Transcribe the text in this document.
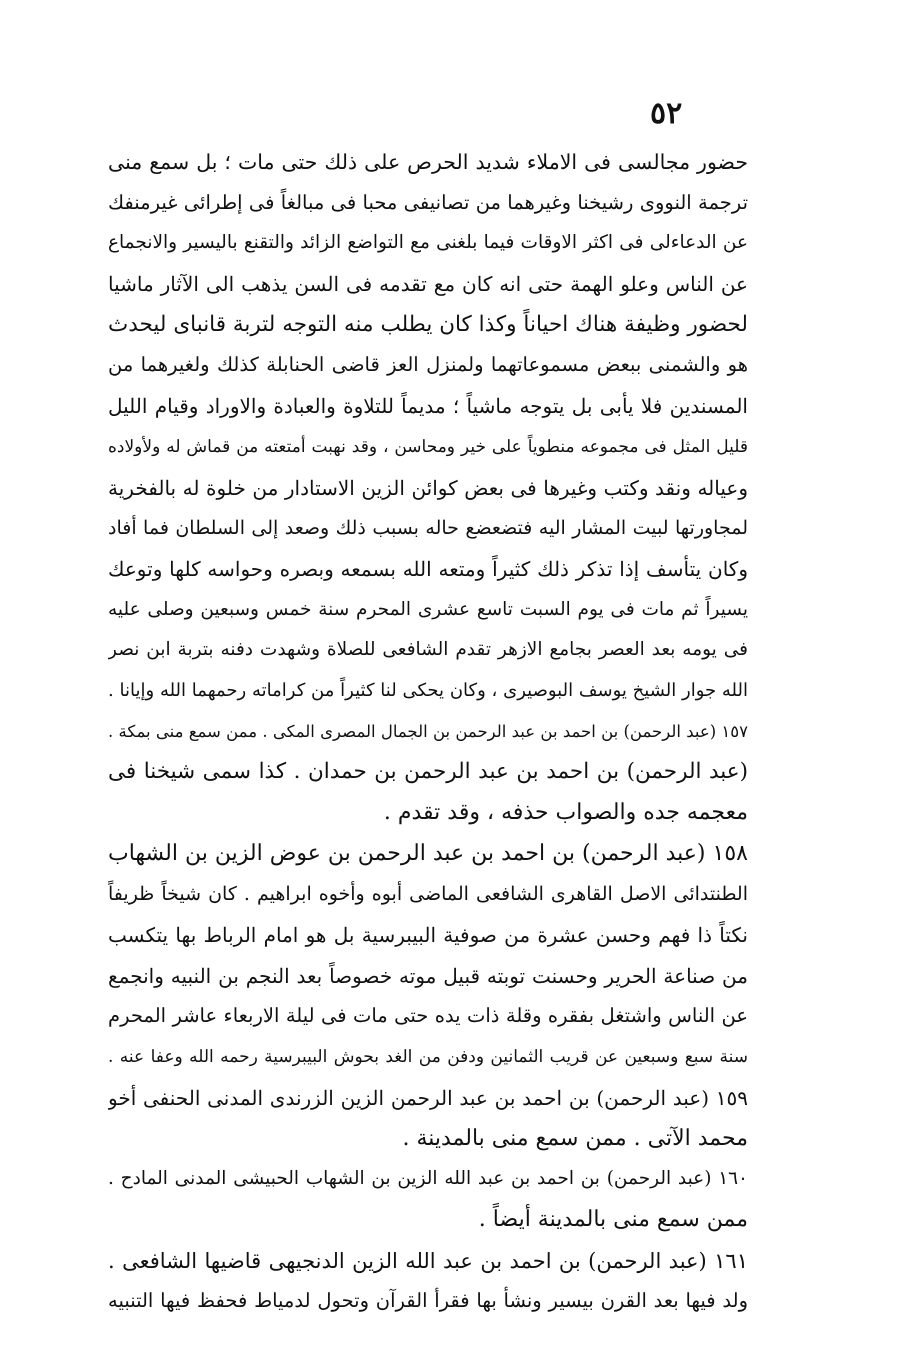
٥٢
حضور مجالسى فى الاملاء شديد الحرص على ذلك حتى مات ؛ بل سمع منى
ترجمة النووى رشيخنا وغيرهما من تصانيفى محبا فى مبالغاً فى إطرائى غيرمنفك
عن الدعاءلى فى اكثر الاوقات فيما بلغنى مع التواضع الزائد والتقنع باليسير والانجماع
عن الناس وعلو الهمة حتى انه كان مع تقدمه فى السن يذهب الى الآثار ماشيا
لحضور وظيفة هناك احياناً وكذا كان يطلب منه التوجه لتربة قانباى ليحدث
هو والشمنى ببعض مسموعاتهما ولمنزل العز قاضى الحنابلة كذلك ولغيرهما من
المسندين فلا يأبى بل يتوجه ماشياً ؛ مديماً للتلاوة والعبادة والاوراد وقيام الليل
قليل المثل فى مجموعه منطوياً على خير ومحاسن ، وقد نهبت أمتعته من قماش له ولأولاده
وعياله ونقد وكتب وغيرها فى بعض كوائن الزين الاستادار من خلوة له بالفخرية
لمجاورتها لبيت المشار اليه فتضعضع حاله بسبب ذلك وصعد إلى السلطان فما أفاد
وكان يتأسف إذا تذكر ذلك كثيراً ومتعه الله بسمعه وبصره وحواسه كلها وتوعك
يسيراً ثم مات فى يوم السبت تاسع عشرى المحرم سنة خمس وسبعين وصلى عليه
فى يومه بعد العصر بجامع الازهر تقدم الشافعى للصلاة وشهدت دفنه بتربة ابن نصر
الله جوار الشيخ يوسف البوصيرى ، وكان يحكى لنا كثيراً من كراماته رحمهما الله وإيانا .
١٥٧ (عبد الرحمن) بن احمد بن عبد الرحمن بن الجمال المصرى المكى . ممن سمع منى بمكة .
(عبد الرحمن) بن احمد بن عبد الرحمن بن حمدان . كذا سمى شيخنا فى
معجمه جده والصواب حذفه ، وقد تقدم .
١٥٨ (عبد الرحمن) بن احمد بن عبد الرحمن بن عوض الزين بن الشهاب
الطنتدائى الاصل القاهرى الشافعى الماضى أبوه وأخوه ابراهيم . كان شيخاً ظريفاً
نكتاً ذا فهم وحسن عشرة من صوفية البيبرسية بل هو امام الرباط بها يتكسب
من صناعة الحرير وحسنت توبته قبيل موته خصوصاً بعد النجم بن النبيه وانجمع
عن الناس واشتغل بفقره وقلة ذات يده حتى مات فى ليلة الاربعاء عاشر المحرم
سنة سبع وسبعين عن قريب الثمانين ودفن من الغد بحوش البيبرسية رحمه الله وعفا عنه .
١٥٩ (عبد الرحمن) بن احمد بن عبد الرحمن الزين الزرندى المدنى الحنفى أخو
محمد الآتى . ممن سمع منى بالمدينة .
١٦٠ (عبد الرحمن) بن احمد بن عبد الله الزين بن الشهاب الحبيشى المدنى المادح .
ممن سمع منى بالمدينة أيضاً .
١٦١ (عبد الرحمن) بن احمد بن عبد الله الزين الدنجيهى قاضيها الشافعى .
ولد فيها بعد القرن بيسير ونشأ بها فقرأ القرآن وتحول لدمياط فحفظ فيها التنبيه
